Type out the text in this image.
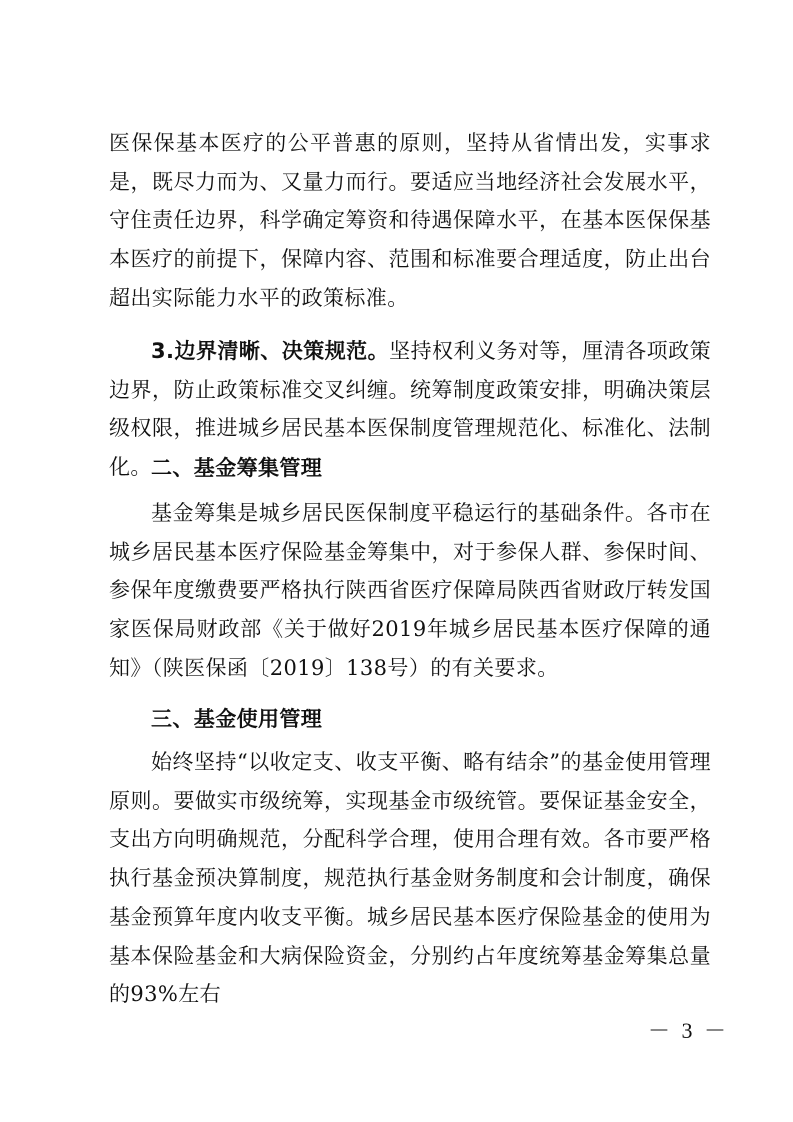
医保保基本医疗的公平普惠的原则，坚持从省情出发，实事求是，既尽力而为、又量力而行。要适应当地经济社会发展水平，守住责任边界，科学确定筹资和待遇保障水平，在基本医保保基本医疗的前提下，保障内容、范围和标准要合理适度，防止出台超出实际能力水平的政策标准。

3.边界清晰、决策规范。坚持权利义务对等，厘清各项政策边界，防止政策标准交叉纠缠。统筹制度政策安排，明确决策层级权限，推进城乡居民基本医保制度管理规范化、标准化、法制化。 二、基金筹集管理

基金筹集是城乡居民医保制度平稳运行的基础条件。各市在城乡居民基本医疗保险基金筹集中，对于参保人群、参保时间、参保年度缴费要严格执行陕西省医疗保障局陕西省财政厅转发国家医保局财政部《关于做好2019年城乡居民基本医疗保障的通知》（陕医保函〔2019〕138号）的有关要求。

三、基金使用管理

始终坚持“以收定支、收支平衡、略有结余”的基金使用管理原则。要做实市级统筹，实现基金市级统管。要保证基金安全，支出方向明确规范，分配科学合理，使用合理有效。各市要严格执行基金预决算制度，规范执行基金财务制度和会计制度，确保基金预算年度内收支平衡。城乡居民基本医疗保险基金的使用为基本保险基金和大病保险资金，分别约占年度统筹基金筹集总量的93%左右

－ 3 －
